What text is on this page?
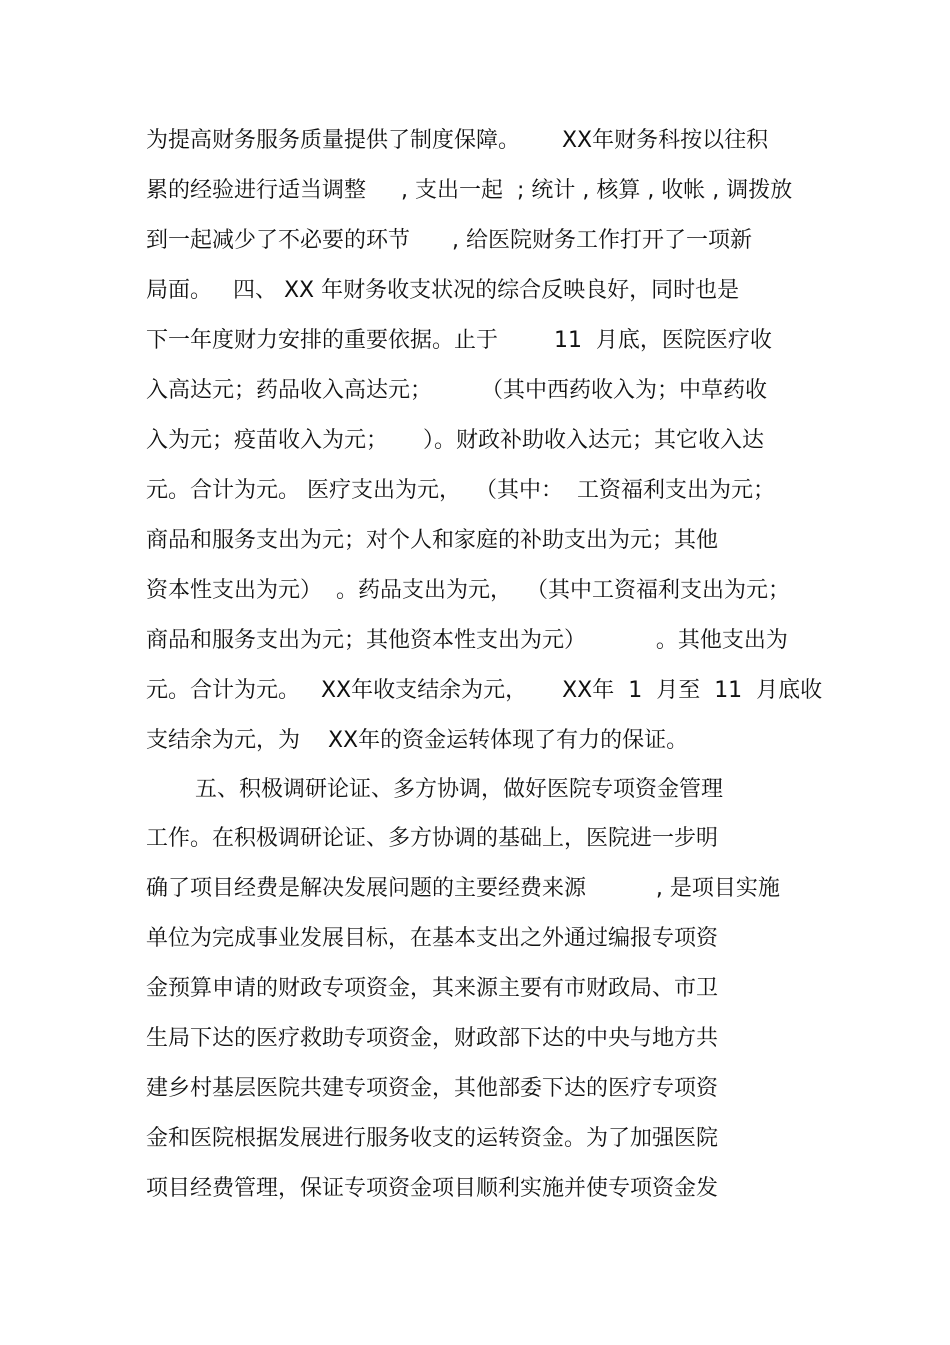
为提高财务服务质量提供了制度保障。      XX年财务科按以往积
累的经验进行适当调整     , 支出一起  ; 统计 , 核算 , 收帐 , 调拨放
到一起减少了不必要的环节      , 给医院财务工作打开了一项新
局面。   四、 XX 年财务收支状况的综合反映良好，同时也是
下一年度财力安排的重要依据。止于        11  月底，医院医疗收
入高达元；药品收入高达元；       （其中西药收入为；中草药收
入为元；疫苗收入为元；     ）。财政补助收入达元；其它收入达
元。合计为元。 医疗支出为元，  （其中：  工资福利支出为元；
商品和服务支出为元；对个人和家庭的补助支出为元；其他
资本性支出为元）  。药品支出为元，  （其中工资福利支出为元；
商品和服务支出为元；其他资本性支出为元）          。其他支出为
元。合计为元。   XX年收支结余为元，     XX年  1  月至  11  月底收
支结余为元，为    XX年的资金运转体现了有力的保证。
五、积极调研论证、多方协调，做好医院专项资金管理
工作。在积极调研论证、多方协调的基础上，医院进一步明
确了项目经费是解决发展问题的主要经费来源          , 是项目实施
单位为完成事业发展目标，在基本支出之外通过编报专项资
金预算申请的财政专项资金，其来源主要有市财政局、市卫
生局下达的医疗救助专项资金，财政部下达的中央与地方共
建乡村基层医院共建专项资金，其他部委下达的医疗专项资
金和医院根据发展进行服务收支的运转资金。为了加强医院
项目经费管理，保证专项资金项目顺利实施并使专项资金发
